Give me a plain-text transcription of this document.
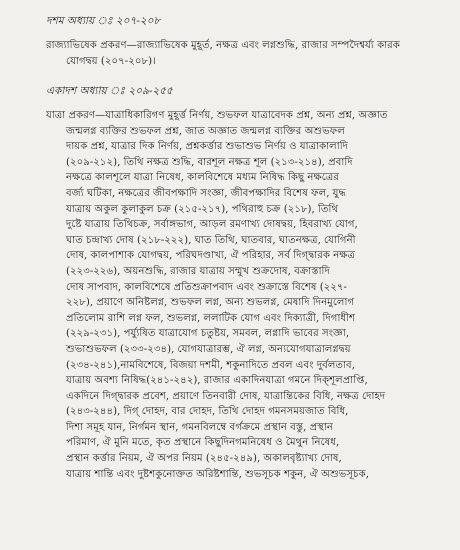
দশম অধ্যায় ঃ ২০৭-২০৮

রাজ্যাভিষেক প্রকরণ—রাজ্যাভিষেক মুহূর্ত, নক্ষত্র এবং লগ্নশুদ্ধি, রাজার সম্পদৈশ্বর্য্য কারক
যোগদ্বয় (২০৭-২০৮)।

একাদশ অধ্যায় ঃ ২০৯-২৫৫

যাত্রা প্রকরণ—যাত্রাধিকারিগণ মুহূর্ত্ত নির্ণয়, শুভফল যাত্রাবেদক প্রশ্ন, অন্য প্রশ্ন, অজ্ঞাত
জন্মলগ্ন ব্যক্তির শুভফল প্রশ্ন, জাত অজ্ঞাত জন্মলগ্ন ব্যক্তির অশুভফল
দায়ক প্রশ্ন, যাত্রার দিক নির্ণয়, প্রশ্নকর্ত্তার শুভাশুভ নির্ণয় ও যাত্রাকালাদি
(২০৯-২১২), তিথি নক্ষত্র শুদ্ধি, বারশূল নক্ষত্র শূল (২১৩-২১৪), প্রবাদি
নক্ষত্রে কালশূলে যাত্রা নিষেধ, কালবিশেষে মধ্যম নিষিদ্ধ কিছু নক্ষত্রের
বর্জ্য ঘটিকা, নক্ষত্রের জীবপক্ষাদি সংজ্ঞা, জীবপক্ষাদির বিশেষ ফল, যুদ্ধ
যাত্রায় অকুল কুলাকুল চক্র (২১৫-২১৭), পথিরাহু চক্র (২১৮), তিথি
দুষ্টে যাত্রায় তিথিচক্র, সর্বাঙ্গভাগ, আড়ল রমণাখ্য দোষদ্বয়, হিবরাখ্য যোগ,
ঘাত চন্দ্রাখ্য দোষ (২১৮-২২২), ঘাত তিথি, ঘাতবার, ঘাতনক্ষত্র, যোগিনী
দোষ, কালপাশাক যোগদ্বয়, পরিঘদণ্ডাখ্য, ঐ পরিহার, সর্ব দিগ্দ্বারক নক্ষত্র
(২২৩-২২৬), অয়নশুদ্ধি, রাজার যাত্রায় সম্মুখ শুক্রদোষ, বক্রাস্তাদি
দোষ সাপবাদ, কালবিশেষে প্রতিশুক্রাপবাদ এবং শুক্রাস্তে বিশেষ (২২৭-
২২৮), প্রয়াণে অনিষ্টলগ্ন, শুভফল লগ্ন, অন্য শুভলগ্ন, মেষাদি দিনমুলোগ
প্রতিলোম রাশি লগ্ন ফল, শুভলগ্ন, ললাটিক যোগ এবং দিক্যাত্রী, দিগাধীশ
(২২৯-২৩১), পর্য্যুষিত যাত্রাযোগ চতুষ্টয়, সমবল, লগ্নাদি ভাবের সংজ্ঞা,
শুভাশুভফল (২৩৩-২৩৪), যোগযাত্রারম্ভ, ঐ লগ্ন, অন্যযোগযাত্রালগ্নদ্বয়
(২৩৪-২৪১),নামবিশেষে, বিজয়া দশমী, শকুনাদিতে প্রবল এবং দুর্বলতাব,
যাত্রায় অবশ্য নিষিদ্ধ(২৪১-২৪২), রাজার একাদিনযাত্রা গমনে দিক্শূলপ্রাপ্তি,
একদিনে দিগ্দ্বারক প্রবেশ, প্রয়াণে তিনবারী দোষ, যাত্রান্তিকের বিধি, নক্ষত্র দোহদ
(২৪৩-২৪৪), দিগ্ দোহদ, বার দোহদ, তিথি দোহদ গমনসময়জাত বিধি,
দিশা সমূহ যান, নির্গমন স্থান, গমনবিলম্বে বর্গক্রমে প্রস্থান বস্তু, প্রস্থান
পরিমাণ, ঐ মুনি মতে, কৃত প্রস্থানে কিছুদিনগমনিষেধ ও মৈথুন নিষেধ,
প্রস্থান কর্ত্তার নিয়ম, ঐ অপর নিয়ম (২৪৫-২৪৯), অকালবৃষ্ট্যাখ্য দোষ,
যাত্রায় শান্তি এবং দুষ্টশকুনোক্তত অরিষ্টশান্তি, শুভসূচক শকুন, ঐ অশুভসূচক,
